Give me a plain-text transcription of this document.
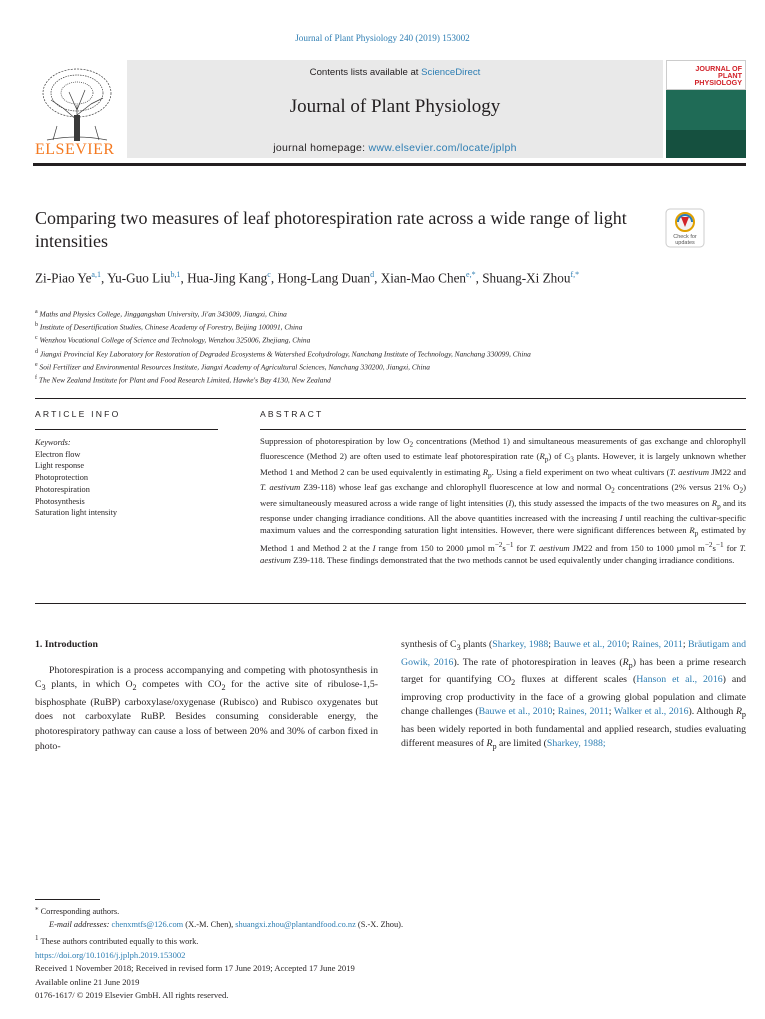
Journal of Plant Physiology 240 (2019) 153002
ELSEVIER
Contents lists available at ScienceDirect
Journal of Plant Physiology
journal homepage: www.elsevier.com/locate/jplph
JOURNAL OF PLANT PHYSIOLOGY
Comparing two measures of leaf photorespiration rate across a wide range of light intensities	Check for updates
Zi-Piao Ye$^{a,1}$, Yu-Guo Liu$^{b,1}$, Hua-Jing Kang$^c$, Hong-Lang Duan$^d$, Xian-Mao Chen$^{e,*}$, Shuang-Xi Zhou$^{f,*}$
$^a$ Maths and Physics College, Jinggangshan University, Ji'an 343009, Jiangxi, China
$^b$ Institute of Desertification Studies, Chinese Academy of Forestry, Beijing 100091, China
$^c$ Wenzhou Vocational College of Science and Technology, Wenzhou 325006, Zhejiang, China
$^d$ Jiangxi Provincial Key Laboratory for Restoration of Degraded Ecosystems & Watershed Ecohydrology, Nanchang Institute of Technology, Nanchang 330099, China
$^e$ Soil Fertilizer and Environmental Resources Institute, Jiangxi Academy of Agricultural Sciences, Nanchang 330200, Jiangxi, China
$^f$ The New Zealand Institute for Plant and Food Research Limited, Hawke's Bay 4130, New Zealand
ARTICLE INFO	ABSTRACT
Keywords:
Electron flow
Light response
Photoprotection
Photorespiration
Photosynthesis
Saturation light intensity
Suppression of photorespiration by low $O_2$ concentrations (Method 1) and simultaneous measurements of gas exchange and chlorophyll fluorescence (Method 2) are often used to estimate leaf photorespiration rate $(R_p)$ of $C_3$ plants. However, it is largely unknown whether Method 1 and Method 2 can be used equivalently in estimating $R_p$. Using a field experiment on two wheat cultivars (T. aestivum JM22 and T. aestivum Z39-118) whose leaf gas exchange and chlorophyll fluorescence at low and normal $O_2$ concentrations (2% versus 21% $O_2$) were simultaneously measured across a wide range of light intensities (I), this study assessed the impacts of the two measures on $R_p$ and its response under changing irradiance conditions. All the above quantities increased with the increasing I until reaching the cultivar-specific maximum values and the corresponding saturation light intensities. However, there were significant differences between $R_p$ estimated by Method 1 and Method 2 at the I range from 150 to 2000 µmol $m^{-2}s^{-1}$ for T. aestivum JM22 and from 150 to 1000 µmol $m^{-2}s^{-1}$ for T. aestivum Z39-118. These findings demonstrated that the two methods cannot be used equivalently under changing irradiance conditions.
1. Introduction

Photorespiration is a process accompanying and competing with photosynthesis in $C_3$ plants, in which $O_2$ competes with $CO_2$ for the active site of ribulose-1,5-bisphosphate (RuBP) carboxylase/oxygenase (Rubisco) and Rubisco oxygenates but does not carboxylate RuBP. Besides consuming considerable energy, the photorespiratory pathway can cause a loss of between 20% and 30% of carbon fixed in photo-

synthesis of $C_3$ plants (Sharkey, 1988; Bauwe et al., 2010; Raines, 2011; Bräutigam and Gowik, 2016). The rate of photorespiration in leaves $(R_p)$ has been a prime research target for quantifying $CO_2$ fluxes at different scales (Hanson et al., 2016) and improving crop productivity in the face of a growing global population and climate change challenges (Bauwe et al., 2010; Raines, 2011; Walker et al., 2016). Although $R_p$ has been widely reported in both fundamental and applied research, studies evaluating different measures of $R_p$ are limited (Sharkey, 1988;
⁎ Corresponding authors.
E-mail addresses: chenxmtfs@126.com (X.-M. Chen), shuangxi.zhou@plantandfood.co.nz (S.-X. Zhou).
$^1$ These authors contributed equally to this work.
https://doi.org/10.1016/j.jplph.2019.153002
Received 1 November 2018; Received in revised form 17 June 2019; Accepted 17 June 2019
Available online 21 June 2019
0176-1617/ © 2019 Elsevier GmbH. All rights reserved.
